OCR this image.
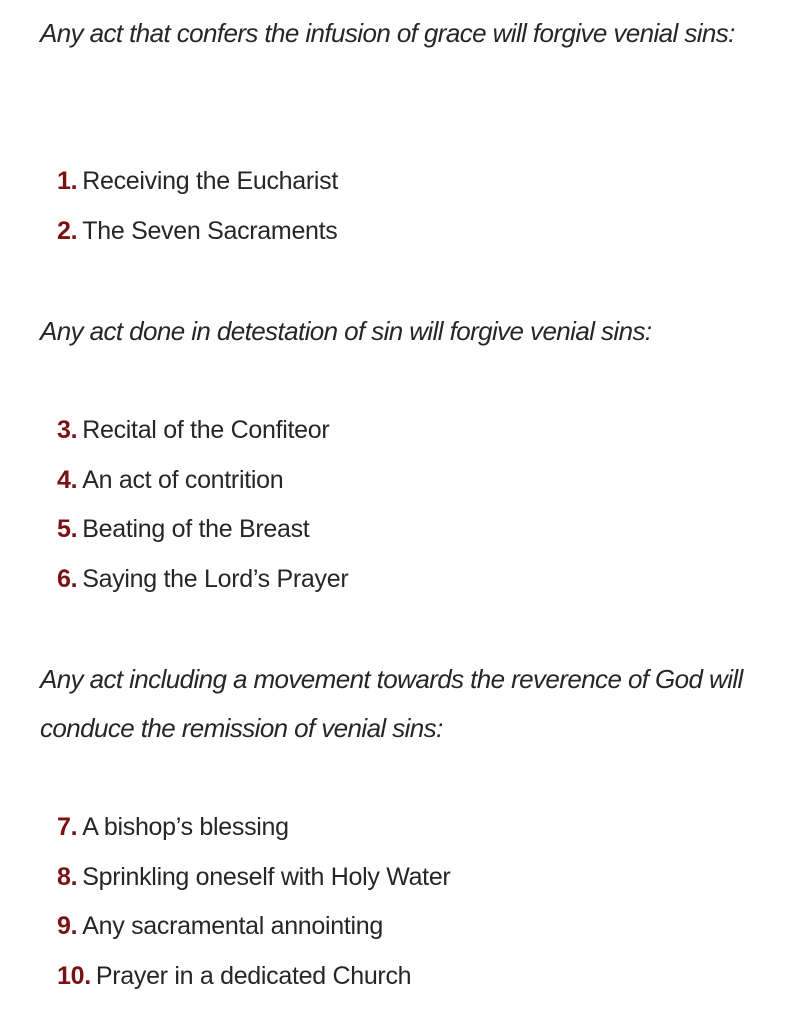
Any act that confers the infusion of grace will forgive venial sins:

1. Receiving the Eucharist
2. The Seven Sacraments

Any act done in detestation of sin will forgive venial sins:

3. Recital of the Confiteor
4. An act of contrition
5. Beating of the Breast
6. Saying the Lord’s Prayer

Any act including a movement towards the reverence of God will conduce the remission of venial sins:

7. A bishop’s blessing
8. Sprinkling oneself with Holy Water
9. Any sacramental annointing
10. Prayer in a dedicated Church
